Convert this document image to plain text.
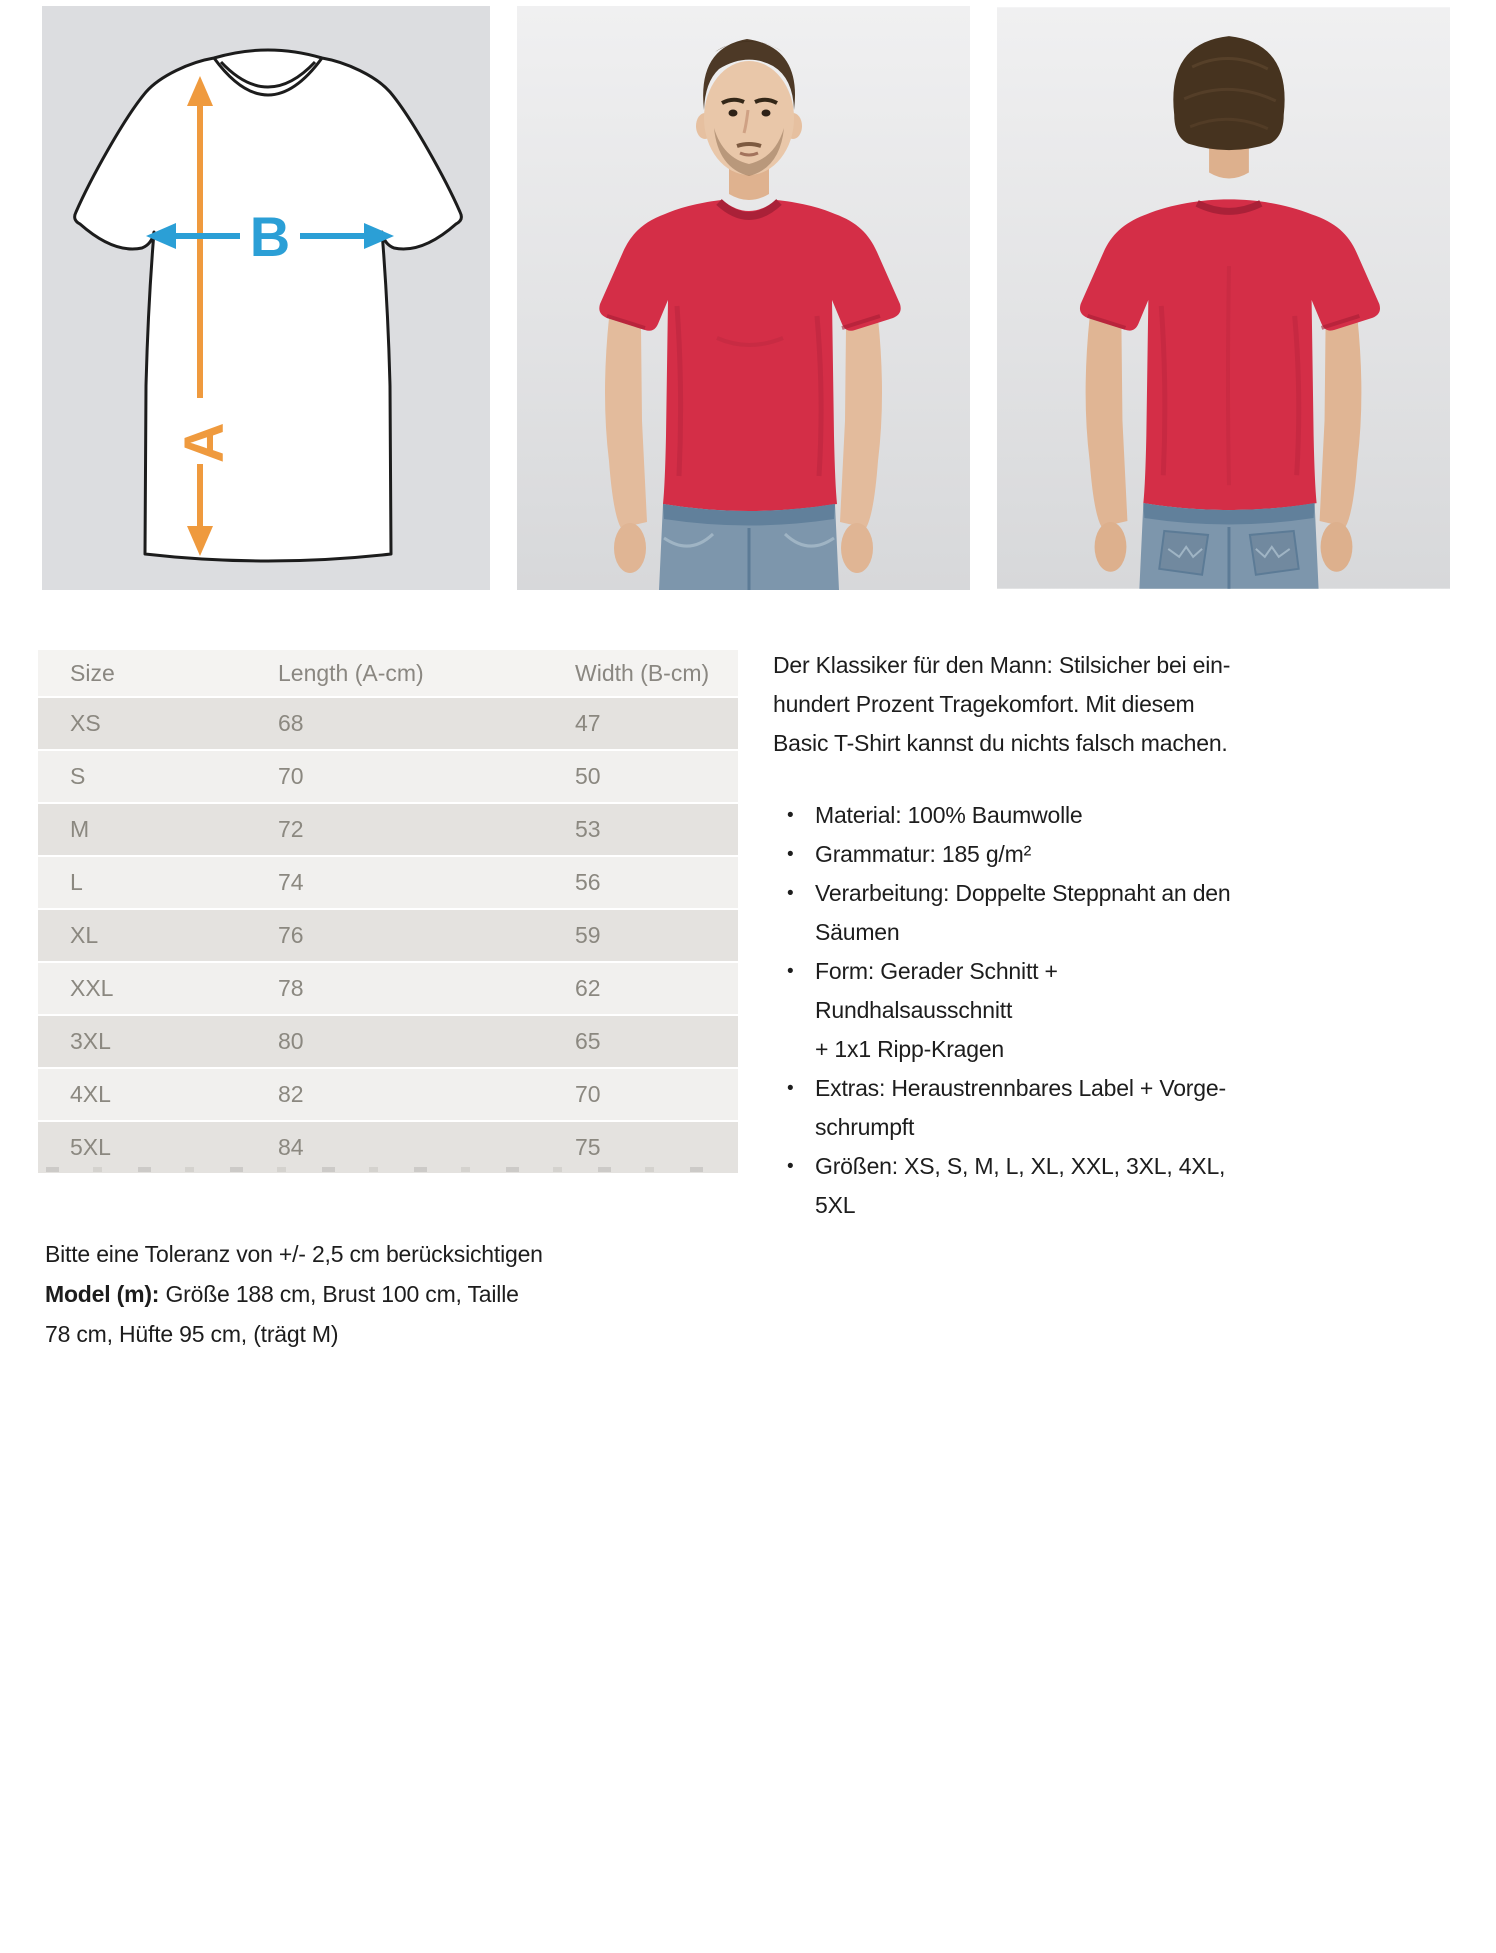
A
B
Size	Length (A-cm)	Width (B-cm)
XS	68	47
S	70	50
M	72	53
L	74	56
XL	76	59
XXL	78	62
3XL	80	65
4XL	82	70
5XL	84	75

Der Klassiker für den Mann: Stilsicher bei ein-
hundert Prozent Tragekomfort. Mit diesem
Basic T-Shirt kannst du nichts falsch machen.

• Material: 100% Baumwolle
• Grammatur: 185 g/m²
• Verarbeitung: Doppelte Steppnaht an den
Säumen
• Form: Gerader Schnitt + Rundhalsausschnitt
+ 1x1 Ripp-Kragen
• Extras: Heraustrennbares Label + Vorge-
schrumpft
• Größen: XS, S, M, L, XL, XXL, 3XL, 4XL, 5XL
Bitte eine Toleranz von +/- 2,5 cm berücksichtigen
Model (m): Größe 188 cm, Brust 100 cm, Taille
78 cm, Hüfte 95 cm, (trägt M)
